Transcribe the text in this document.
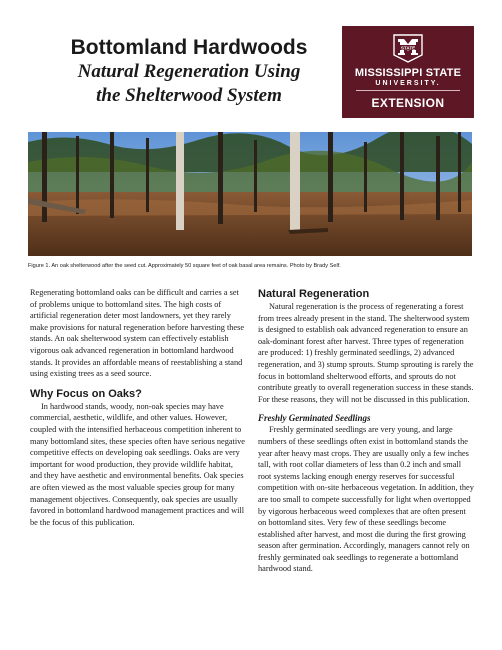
Bottomland Hardwoods
Natural Regeneration Using
the Shelterwood System
STATE
MISSISSIPPI STATE
UNIVERSITY.
EXTENSION
Figure 1. An oak shelterwood after the seed cut. Approximately 50 square feet of oak basal area remains. Photo by Brady Self.

Regenerating bottomland oaks can be difficult and carries a set of problems unique to bottomland sites. The high costs of artificial regeneration deter most landowners, yet they rarely make provisions for natural regeneration before harvesting these stands. An oak shelterwood system can effectively establish vigorous oak advanced regeneration in bottomland hardwood stands. It provides an affordable means of reestablishing a stand using existing trees as a seed source.

Why Focus on Oaks?

In hardwood stands, woody, non-oak species may have commercial, aesthetic, wildlife, and other values. However, coupled with the intensified herbaceous competition inherent to many bottomland sites, these species often have serious negative competitive effects on developing oak seedlings. Oaks are very important for wood production, they provide wildlife habitat, and they have aesthetic and environmental benefits. Oak species are often viewed as the most valuable species group for many management objectives. Consequently, oak species are usually favored in bottomland hardwood management practices and will be the focus of this publication.

Natural Regeneration

Natural regeneration is the process of regenerating a forest from trees already present in the stand. The shelterwood system is designed to establish oak advanced regeneration to ensure an oak-dominant forest after harvest. Three types of regeneration are produced: 1) freshly germinated seedlings, 2) advanced regeneration, and 3) stump sprouts. Stump sprouting is rarely the focus in bottomland shelterwood efforts, and sprouts do not contribute greatly to overall regeneration success in these stands. For these reasons, they will not be discussed in this publication.

Freshly Germinated Seedlings

Freshly germinated seedlings are very young, and large numbers of these seedlings often exist in bottomland stands the year after heavy mast crops. They are usually only a few inches tall, with root collar diameters of less than 0.2 inch and small root systems lacking enough energy reserves for successful competition with on-site herbaceous vegetation. In addition, they are too small to compete successfully for light when overtopped by vigorous herbaceous weed complexes that are often present on bottomland sites. Very few of these seedlings become established after harvest, and most die during the first growing season after germination. Accordingly, managers cannot rely on freshly germinated oak seedlings to regenerate a bottomland hardwood stand.
